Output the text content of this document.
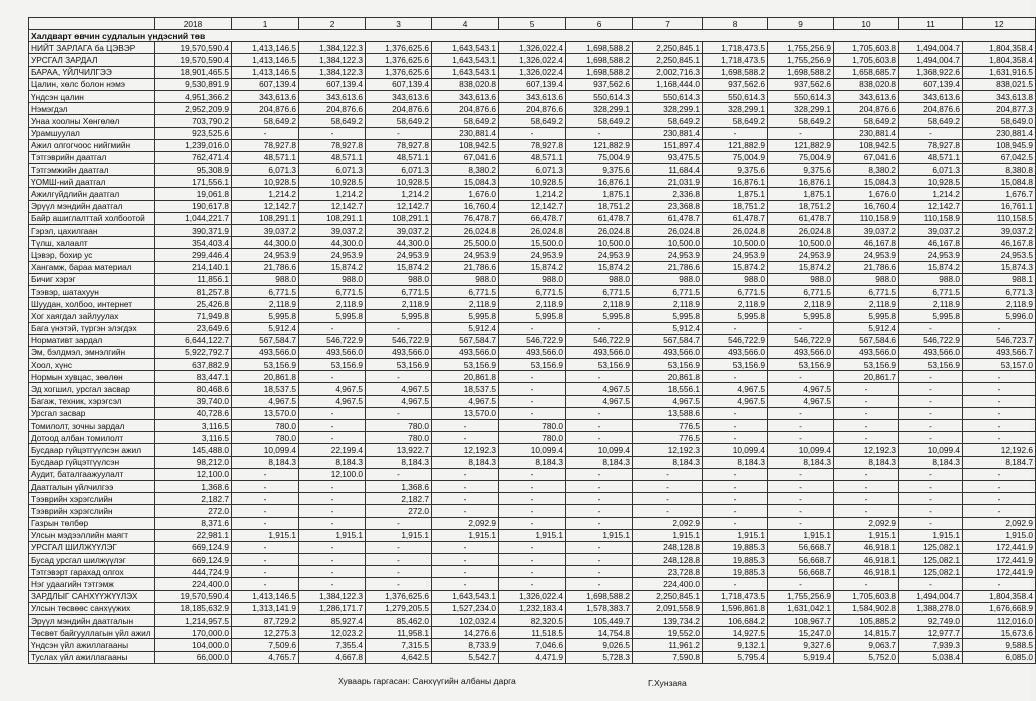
	2018	1	2	3	4	5	6	7	8	9	10	11	12
Халдварт өвчин судлалын үндэсний төв													
НИЙТ ЗАРЛАГА ба ЦЭВЭР	19,570,590.4	1,413,146.5	1,384,122.3	1,376,625.6	1,643,543.1	1,326,022.4	1,698,588.2	2,250,845.1	1,718,473.5	1,755,256.9	1,705,603.8	1,494,004.7	1,804,358.4
УРСГАЛ ЗАРДАЛ	19,570,590.4	1,413,146.5	1,384,122.3	1,376,625.6	1,643,543.1	1,326,022.4	1,698,588.2	2,250,845.1	1,718,473.5	1,755,256.9	1,705,603.8	1,494,004.7	1,804,358.4
БАРАА, ҮЙЛЧИЛГЭЭ	18,901,465.5	1,413,146.5	1,384,122.3	1,376,625.6	1,643,543.1	1,326,022.4	1,698,588.2	2,002,716.3	1,698,588.2	1,698,588.2	1,658,685.7	1,368,922.6	1,631,916.5
Цалин, хөлс болон нэмэ	9,530,891.9	607,139.4	607,139.4	607,139.4	838,020.8	607,139.4	937,562.6	1,168,444.0	937,562.6	937,562.6	838,020.8	607,139.4	838,021.5
Үндсэн цалин	4,951,366.2	343,613.6	343,613.6	343,613.6	343,613.6	343,613.6	550,614.3	550,614.3	550,614.3	550,614.3	343,613.6	343,613.6	343,613.8
Нэмэгдэл	2,952,209.9	204,876.6	204,876.6	204,876.6	204,876.6	204,876.6	328,299.1	328,299.1	328,299.1	328,299.1	204,876.6	204,876.6	204,877.3
Унаа хоолны Хөнгөлөл	703,790.2	58,649.2	58,649.2	58,649.2	58,649.2	58,649.2	58,649.2	58,649.2	58,649.2	58,649.2	58,649.2	58,649.2	58,649.0
Урамшуулал	923,525.6	-	-	-	230,881.4	-	-	230,881.4	-	-	230,881.4	-	230,881.4
Ажил олгогчоос нийгмийн	1,239,016.0	78,927.8	78,927.8	78,927.8	108,942.5	78,927.8	121,882.9	151,897.4	121,882.9	121,882.9	108,942.5	78,927.8	108,945.9
Тэтгэврийн даатгал	762,471.4	48,571.1	48,571.1	48,571.1	67,041.6	48,571.1	75,004.9	93,475.5	75,004.9	75,004.9	67,041.6	48,571.1	67,042.5
Тэтгэмжийн даатгал	95,308.9	6,071.3	6,071.3	6,071.3	8,380.2	6,071.3	9,375.6	11,684.4	9,375.6	9,375.6	8,380.2	6,071.3	8,380.8
ҮОМШ-ний даатгал	171,556.1	10,928.5	10,928.5	10,928.5	15,084.3	10,928.5	16,876.1	21,031.9	16,876.1	16,876.1	15,084.3	10,928.5	15,084.8
Ажилгүйдлийн даатгал	19,061.8	1,214.2	1,214.2	1,214.2	1,676.0	1,214.2	1,875.1	2,336.8	1,875.1	1,875.1	1,676.0	1,214.2	1,676.7
Эрүүл мэндийн даатгал	190,617.8	12,142.7	12,142.7	12,142.7	16,760.4	12,142.7	18,751.2	23,368.8	18,751.2	18,751.2	16,760.4	12,142.7	16,761.1
Байр ашиглалттай холбоотой	1,044,221.7	108,291.1	108,291.1	108,291.1	76,478.7	66,478.7	61,478.7	61,478.7	61,478.7	61,478.7	110,158.9	110,158.9	110,158.5
Гэрэл, цахилгаан	390,371.9	39,037.2	39,037.2	39,037.2	26,024.8	26,024.8	26,024.8	26,024.8	26,024.8	26,024.8	39,037.2	39,037.2	39,037.2
Түлш, халаалт	354,403.4	44,300.0	44,300.0	44,300.0	25,500.0	15,500.0	10,500.0	10,500.0	10,500.0	10,500.0	46,167.8	46,167.8	46,167.8
Цэвэр, бохир ус	299,446.4	24,953.9	24,953.9	24,953.9	24,953.9	24,953.9	24,953.9	24,953.9	24,953.9	24,953.9	24,953.9	24,953.9	24,953.5
Хангамж, бараа материал	214,140.1	21,786.6	15,874.2	15,874.2	21,786.6	15,874.2	15,874.2	21,786.6	15,874.2	15,874.2	21,786.6	15,874.2	15,874.3
Бичиг хэрэг	11,856.1	988.0	988.0	988.0	988.0	988.0	988.0	988.0	988.0	988.0	988.0	988.0	988.1
Тээвэр, шатахуун	81,257.8	6,771.5	6,771.5	6,771.5	6,771.5	6,771.5	6,771.5	6,771.5	6,771.5	6,771.5	6,771.5	6,771.5	6,771.3
Шуудан, холбоо, интернет	25,426.8	2,118.9	2,118.9	2,118.9	2,118.9	2,118.9	2,118.9	2,118.9	2,118.9	2,118.9	2,118.9	2,118.9	2,118.9
Хог хаягдал зайлуулах	71,949.8	5,995.8	5,995.8	5,995.8	5,995.8	5,995.8	5,995.8	5,995.8	5,995.8	5,995.8	5,995.8	5,995.8	5,996.0
Бага үнэтэй, түргэн элэгдэх	23,649.6	5,912.4	-	-	5,912.4	-	-	5,912.4	-	-	5,912.4	-	-
Нормативт зардал	6,644,122.7	567,584.7	546,722.9	546,722.9	567,584.7	546,722.9	546,722.9	567,584.7	546,722.9	546,722.9	567,584.6	546,722.9	546,723.7
Эм, бэлдмэл, эмнэлгийн	5,922,792.7	493,566.0	493,566.0	493,566.0	493,566.0	493,566.0	493,566.0	493,566.0	493,566.0	493,566.0	493,566.0	493,566.0	493,566.7
Хоол, хүнс	637,882.9	53,156.9	53,156.9	53,156.9	53,156.9	53,156.9	53,156.9	53,156.9	53,156.9	53,156.9	53,156.9	53,156.9	53,157.0
Нормын хувцас, зөөлөн	83,447.1	20,861.8	-	-	20,861.8	-	-	20,861.8	-	-	20,861.7	-	-
Эд хогшил, урсгал засвар	80,468.6	18,537.5	4,967.5	4,967.5	18,537.5	-	4,967.5	18,556.1	4,967.5	4,967.5	-	-	-
Багаж, техник, хэрэгсэл	39,740.0	4,967.5	4,967.5	4,967.5	4,967.5	-	4,967.5	4,967.5	4,967.5	4,967.5	-	-	-
Урсгал засвар	40,728.6	13,570.0	-	-	13,570.0	-	-	13,588.6	-	-	-	-	-
Томилолт, зочны зардал	3,116.5	780.0	-	780.0	-	780.0	-	776.5	-	-	-	-	-
Дотоод албан томилолт	3,116.5	780.0	-	780.0	-	780.0	-	776.5	-	-	-	-	-
Бусдаар гүйцэтгүүлсэн ажил	145,488.0	10,099.4	22,199.4	13,922.7	12,192.3	10,099.4	10,099.4	12,192.3	10,099.4	10,099.4	12,192.3	10,099.4	12,192.6
Бусдаар гүйцэтгүүлсэн	98,212.0	8,184.3	8,184.3	8,184.3	8,184.3	8,184.3	8,184.3	8,184.3	8,184.3	8,184.3	8,184.3	8,184.3	8,184.7
Аудит, баталгаажуулалт	12,100.0	-	12,100.0	-	-	-	-	-	-	-	-	-	-
Даатгалын үйлчилгээ	1,368.6	-	-	1,368.6	-	-	-	-	-	-	-	-	-
Тээврийн хэрэгслийн	2,182.7	-	-	2,182.7	-	-	-	-	-	-	-	-	-
Тээврийн хэрэгслийн	272.0	-	-	272.0	-	-	-	-	-	-	-	-	-
Газрын төлбөр	8,371.6	-	-	-	2,092.9	-	-	2,092.9	-	-	2,092.9	-	2,092.9
Улсын мэдээллийн маягт	22,981.1	1,915.1	1,915.1	1,915.1	1,915.1	1,915.1	1,915.1	1,915.1	1,915.1	1,915.1	1,915.1	1,915.1	1,915.0
УРСГАЛ ШИЛЖҮҮЛЭГ	669,124.9	-	-	-	-	-	-	248,128.8	19,885.3	56,668.7	46,918.1	125,082.1	172,441.9
Бусад урсгал шилжүүлэг	669,124.9	-	-	-	-	-	-	248,128.8	19,885.3	56,668.7	46,918.1	125,082.1	172,441.9
Тэтгэвэрт гарахад олгох	444,724.9	-	-	-	-	-	-	23,728.8	19,885.3	56,668.7	46,918.1	125,082.1	172,441.9
Нэг удаагийн тэтгэмж	224,400.0	-	-	-	-	-	-	224,400.0	-	-	-	-	-
ЗАРДЛЫГ САНХҮҮЖҮҮЛЭХ	19,570,590.4	1,413,146.5	1,384,122.3	1,376,625.6	1,643,543.1	1,326,022.4	1,698,588.2	2,250,845.1	1,718,473.5	1,755,256.9	1,705,603.8	1,494,004.7	1,804,358.4
Улсын төсвөөс санхүүжих	18,185,632.9	1,313,141.9	1,286,171.7	1,279,205.5	1,527,234.0	1,232,183.4	1,578,383.7	2,091,558.9	1,596,861.8	1,631,042.1	1,584,902.8	1,388,278.0	1,676,668.9
Эрүүл мэндийн даатгалын	1,214,957.5	87,729.2	85,927.4	85,462.0	102,032.4	82,320.5	105,449.7	139,734.2	106,684.2	108,967.7	105,885.2	92,749.0	112,016.0
Төсвөт байгууллагын үйл ажил	170,000.0	12,275.3	12,023.2	11,958.1	14,276.6	11,518.5	14,754.8	19,552.0	14,927.5	15,247.0	14,815.7	12,977.7	15,673.6
Үндсэн үйл ажиллагааны	104,000.0	7,509.6	7,355.4	7,315.5	8,733.9	7,046.6	9,026.5	11,961.2	9,132.1	9,327.6	9,063.7	7,939.3	9,588.5
Туслах үйл ажиллагааны	66,000.0	4,765.7	4,667.8	4,642.5	5,542.7	4,471.9	5,728.3	7,590.8	5,795.4	5,919.4	5,752.0	5,038.4	6,085.0
Хуваарь гаргасан: Санхүүгийн албаны дарга	Г.Хунзаяа
